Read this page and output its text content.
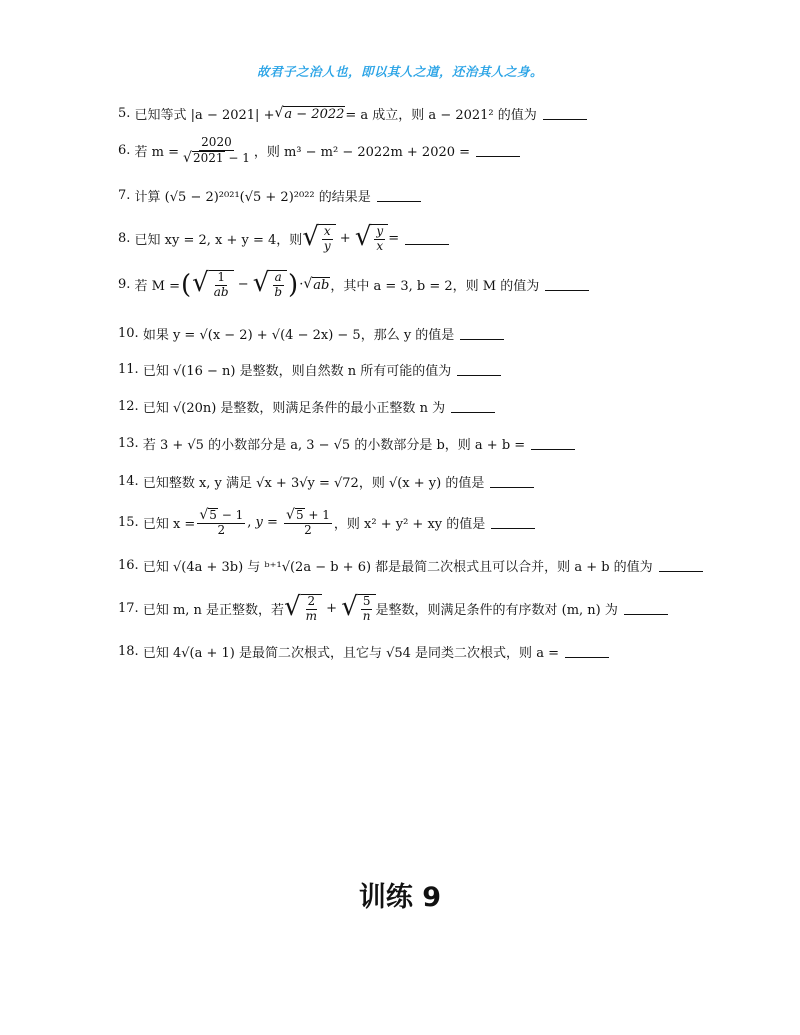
故君子之治人也，即以其人之道，还治其人之身。
5.
已知等式 |a − 2021| + √ a − 2022 = a 成立，则 a − 2021² 的值为
6.
若 $m = \frac{2020}{√ 2021 - 1}$ ，则 m³ − m² − 2022m + 2020 =
7.
计算 (√5 − 2)²⁰²¹(√5 + 2)²⁰²² 的结果是
8.
已知 xy = 2, x + y = 4，则 √ $\frac{x}{y}$ + √ $\frac{y}{x}$ =
9.
若 M = ( √ $\frac{1}{ab}$ − √ $\frac{a}{b}$ ) · √ ab ，其中 a = 3, b = 2，则 M 的值为
10.
如果 y = √(x − 2) + √(4 − 2x) − 5，那么 y 的值是
11.
已知 √(16 − n) 是整数，则自然数 n 所有可能的值为
12.
已知 √(20n) 是整数，则满足条件的最小正整数 n 为
13.
若 3 + √5 的小数部分是 a, 3 − √5 的小数部分是 b，则 a + b =
14.
已知整数 x, y 满足 √x + 3√y = √72，则 √(x + y) 的值是
15.
已知 $x = \frac{√ 5 - 1}{2}$ , $y = \frac{√ 5 + 1}{2}$ ，则 x² + y² + xy 的值是
16.
已知 √(4a + 3b) 与 ᵇ⁺¹√(2a − b + 6) 都是最简二次根式且可以合并，则 a + b 的值为
17.
已知 m, n 是正整数，若 √ $\frac{2}{m}$ + √ $\frac{5}{n}$ 是整数，则满足条件的有序数对 (m, n) 为
18.
已知 4√(a + 1) 是最简二次根式，且它与 √54 是同类二次根式，则 a =
训练 9
